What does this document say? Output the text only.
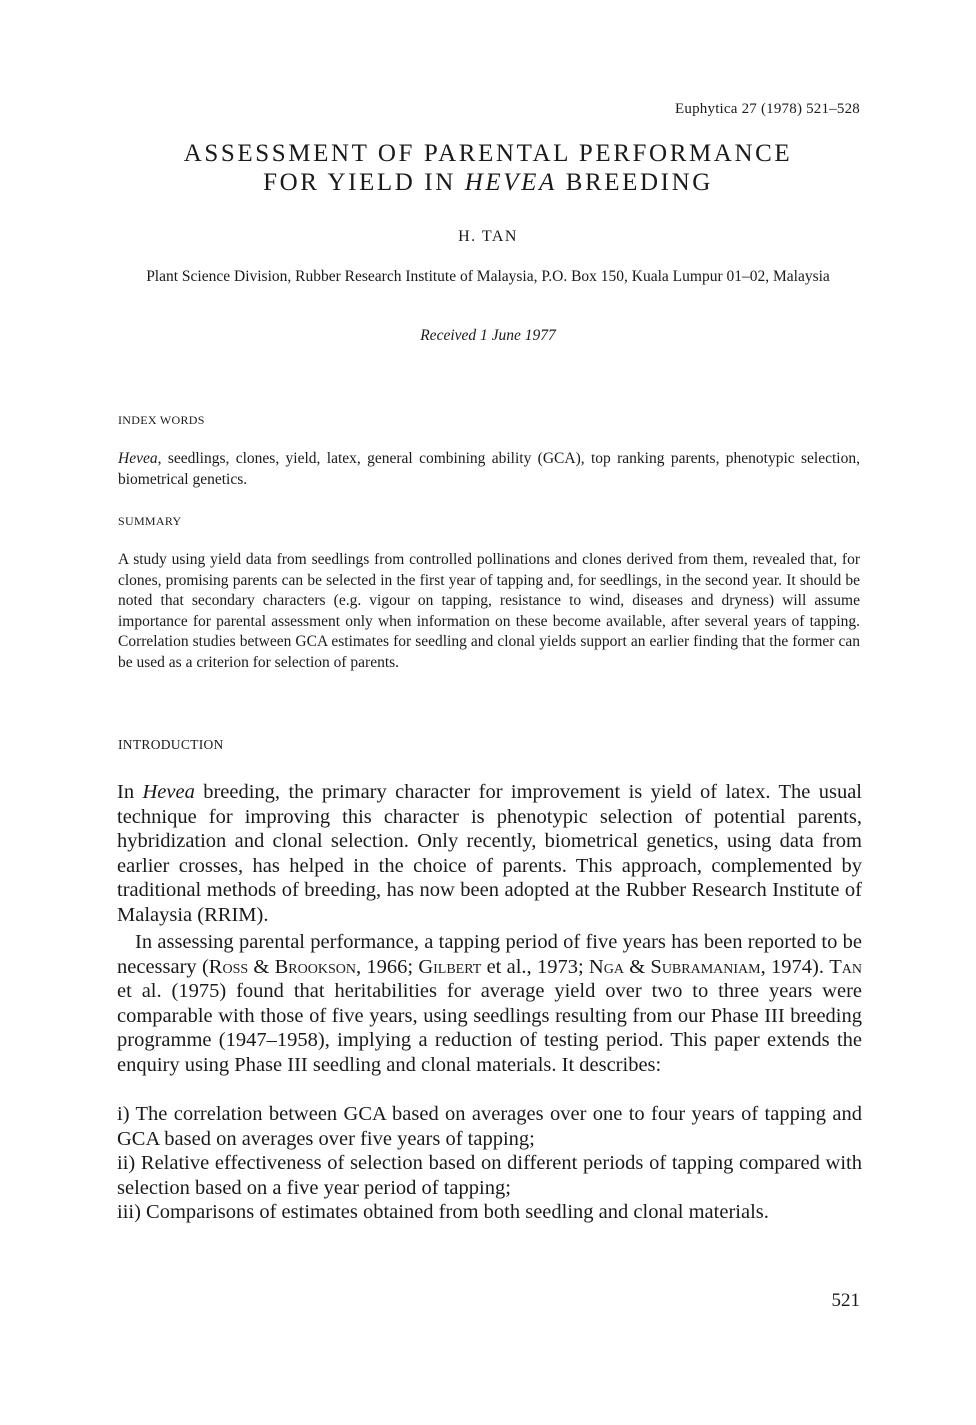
Euphytica 27 (1978) 521–528
ASSESSMENT OF PARENTAL PERFORMANCE
FOR YIELD IN HEVEA BREEDING
H. TAN
Plant Science Division, Rubber Research Institute of Malaysia, P.O. Box 150, Kuala Lumpur 01–02, Malaysia
Received 1 June 1977
INDEX WORDS
Hevea, seedlings, clones, yield, latex, general combining ability (GCA), top ranking parents, phenotypic selection, biometrical genetics.
SUMMARY
A study using yield data from seedlings from controlled pollinations and clones derived from them, revealed that, for clones, promising parents can be selected in the first year of tapping and, for seedlings, in the second year. It should be noted that secondary characters (e.g. vigour on tapping, resistance to wind, diseases and dryness) will assume importance for parental assessment only when information on these become available, after several years of tapping. Correlation studies between GCA estimates for seedling and clonal yields support an earlier finding that the former can be used as a criterion for selection of parents.
INTRODUCTION
In Hevea breeding, the primary character for improvement is yield of latex. The usual technique for improving this character is phenotypic selection of potential parents, hybridization and clonal selection. Only recently, biometrical genetics, using data from earlier crosses, has helped in the choice of parents. This approach, complemented by traditional methods of breeding, has now been adopted at the Rubber Research Institute of Malaysia (RRIM).
In assessing parental performance, a tapping period of five years has been reported to be necessary (Ross & Brookson, 1966; Gilbert et al., 1973; Nga & Subramaniam, 1974). Tan et al. (1975) found that heritabilities for average yield over two to three years were comparable with those of five years, using seedlings resulting from our Phase III breeding programme (1947–1958), implying a reduction of testing period. This paper extends the enquiry using Phase III seedling and clonal materials. It describes:
i) The correlation between GCA based on averages over one to four years of tapping and GCA based on averages over five years of tapping;
ii) Relative effectiveness of selection based on different periods of tapping compared with selection based on a five year period of tapping;
iii) Comparisons of estimates obtained from both seedling and clonal materials.
521
